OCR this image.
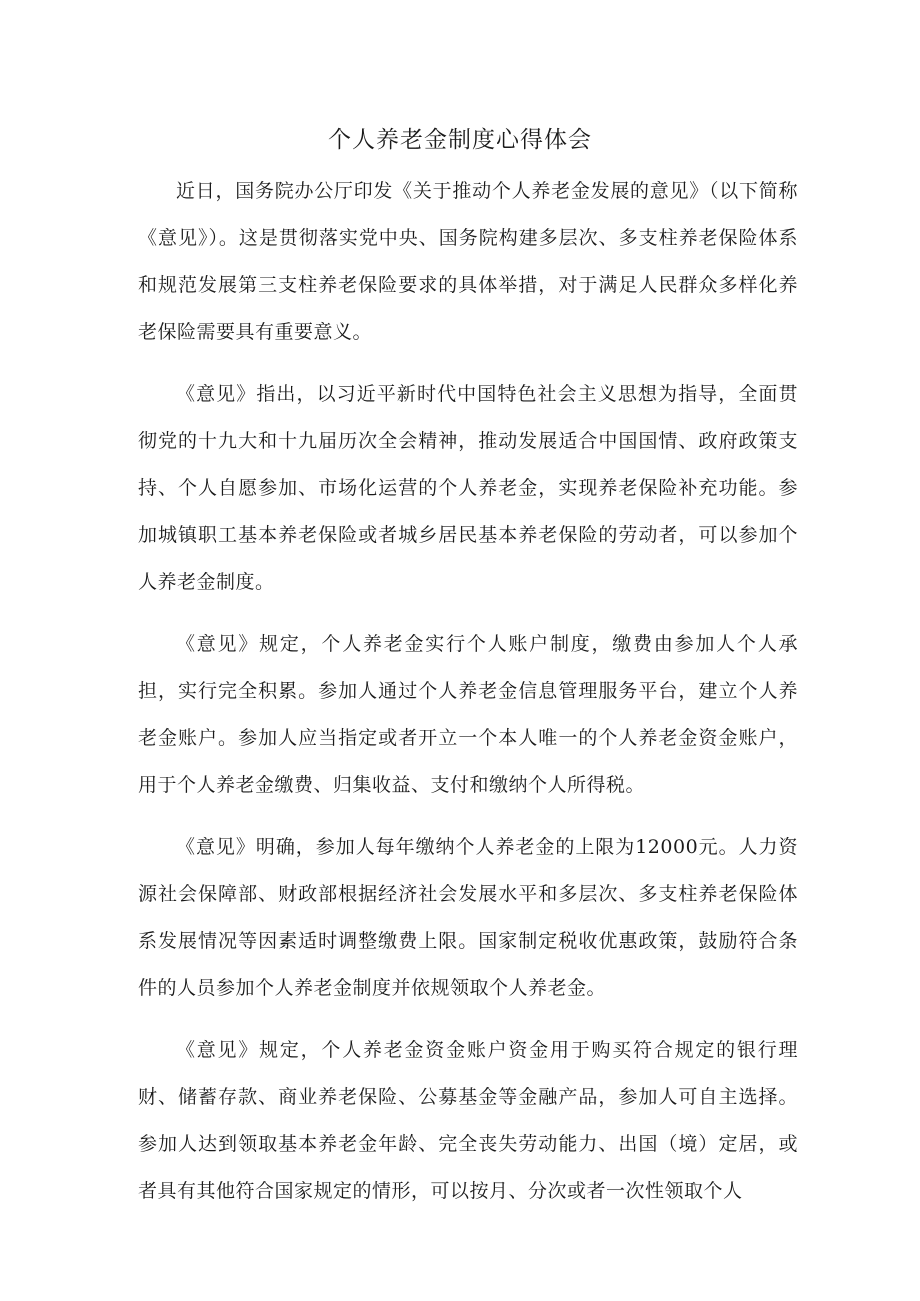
个人养老金制度心得体会

近日，国务院办公厅印发《关于推动个人养老金发展的意见》（以下简称《意见》）。这是贯彻落实党中央、国务院构建多层次、多支柱养老保险体系和规范发展第三支柱养老保险要求的具体举措，对于满足人民群众多样化养老保险需要具有重要意义。

《意见》指出，以习近平新时代中国特色社会主义思想为指导，全面贯彻党的十九大和十九届历次全会精神，推动发展适合中国国情、政府政策支持、个人自愿参加、市场化运营的个人养老金，实现养老保险补充功能。参加城镇职工基本养老保险或者城乡居民基本养老保险的劳动者，可以参加个人养老金制度。

《意见》规定，个人养老金实行个人账户制度，缴费由参加人个人承担，实行完全积累。参加人通过个人养老金信息管理服务平台，建立个人养老金账户。参加人应当指定或者开立一个本人唯一的个人养老金资金账户，用于个人养老金缴费、归集收益、支付和缴纳个人所得税。

《意见》明确，参加人每年缴纳个人养老金的上限为12000元。人力资源社会保障部、财政部根据经济社会发展水平和多层次、多支柱养老保险体系发展情况等因素适时调整缴费上限。国家制定税收优惠政策，鼓励符合条件的人员参加个人养老金制度并依规领取个人养老金。

《意见》规定，个人养老金资金账户资金用于购买符合规定的银行理财、储蓄存款、商业养老保险、公募基金等金融产品，参加人可自主选择。参加人达到领取基本养老金年龄、完全丧失劳动能力、出国（境）定居，或者具有其他符合国家规定的情形，可以按月、分次或者一次性领取个人
